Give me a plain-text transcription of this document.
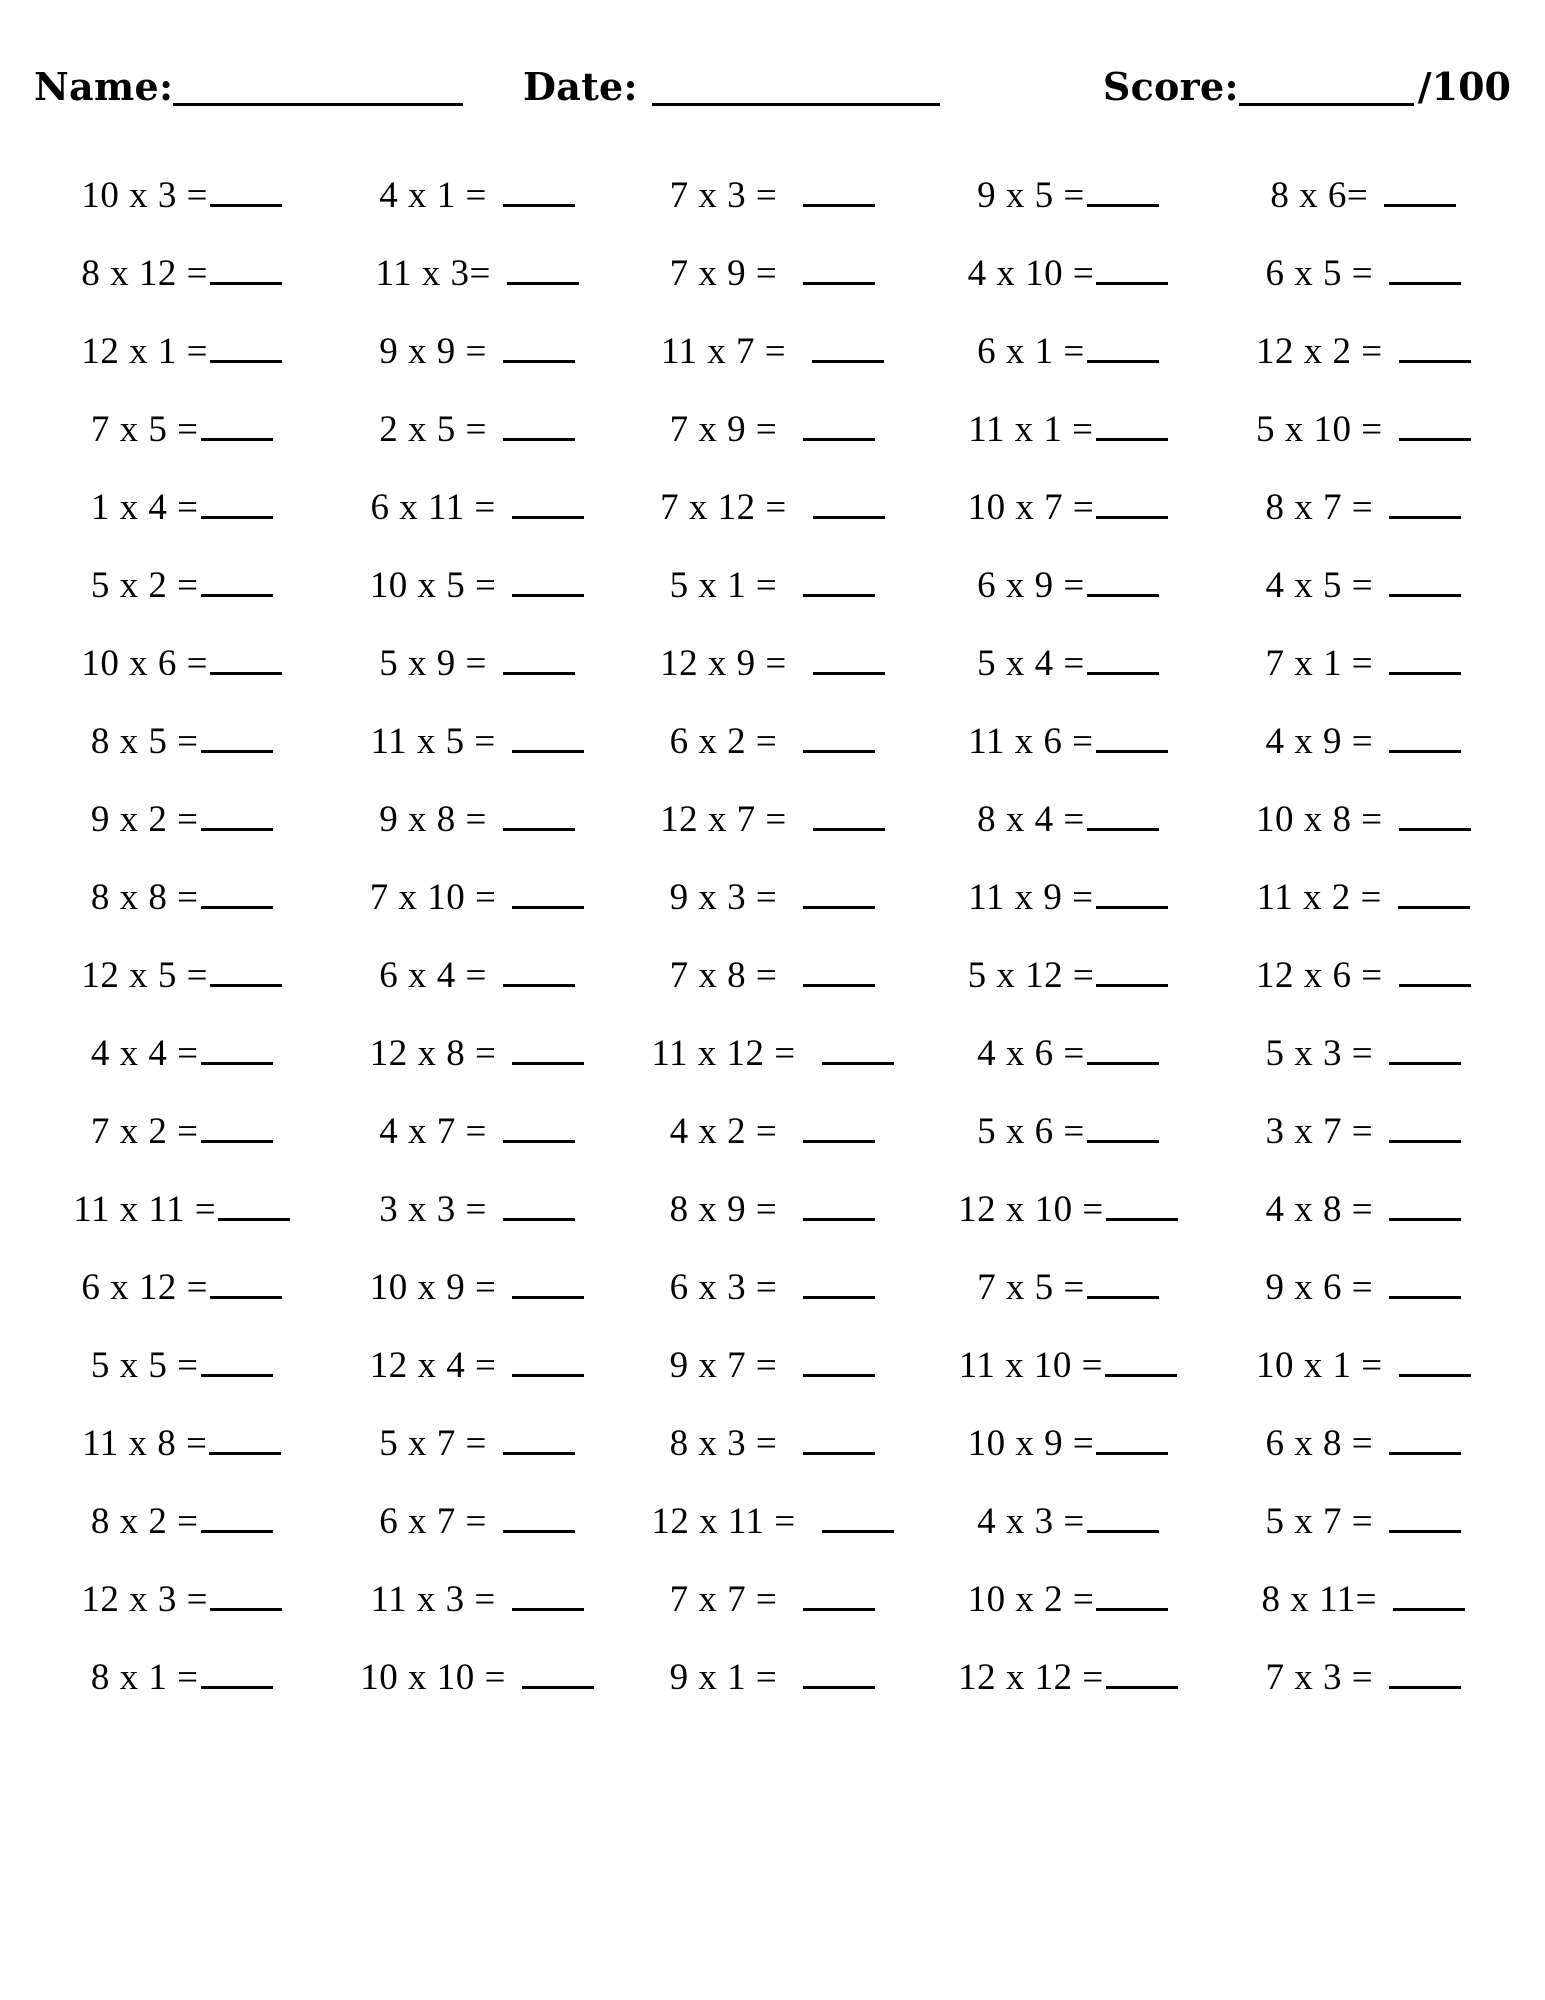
Name:	Date:	Score:	/100
10 x 3 =	4 x 1 =	7 x 3 =	9 x 5 =	8 x 6=
8 x 12 =	11 x 3=	7 x 9 =	4 x 10 =	6 x 5 =
12 x 1 =	9 x 9 =	11 x 7 =	6 x 1 =	12 x 2 =
7 x 5 =	2 x 5 =	7 x 9 =	11 x 1 =	5 x 10 =
1 x 4 =	6 x 11 =	7 x 12 =	10 x 7 =	8 x 7 =
5 x 2 =	10 x 5 =	5 x 1 =	6 x 9 =	4 x 5 =
10 x 6 =	5 x 9 =	12 x 9 =	5 x 4 =	7 x 1 =
8 x 5 =	11 x 5 =	6 x 2 =	11 x 6 =	4 x 9 =
9 x 2 =	9 x 8 =	12 x 7 =	8 x 4 =	10 x 8 =
8 x 8 =	7 x 10 =	9 x 3 =	11 x 9 =	11 x 2 =
12 x 5 =	6 x 4 =	7 x 8 =	5 x 12 =	12 x 6 =
4 x 4 =	12 x 8 =	11 x 12 =	4 x 6 =	5 x 3 =
7 x 2 =	4 x 7 =	4 x 2 =	5 x 6 =	3 x 7 =
11 x 11 =	3 x 3 =	8 x 9 =	12 x 10 =	4 x 8 =
6 x 12 =	10 x 9 =	6 x 3 =	7 x 5 =	9 x 6 =
5 x 5 =	12 x 4 =	9 x 7 =	11 x 10 =	10 x 1 =
11 x 8 =	5 x 7 =	8 x 3 =	10 x 9 =	6 x 8 =
8 x 2 =	6 x 7 =	12 x 11 =	4 x 3 =	5 x 7 =
12 x 3 =	11 x 3 =	7 x 7 =	10 x 2 =	8 x 11=
8 x 1 =	10 x 10 =	9 x 1 =	12 x 12 =	7 x 3 =
